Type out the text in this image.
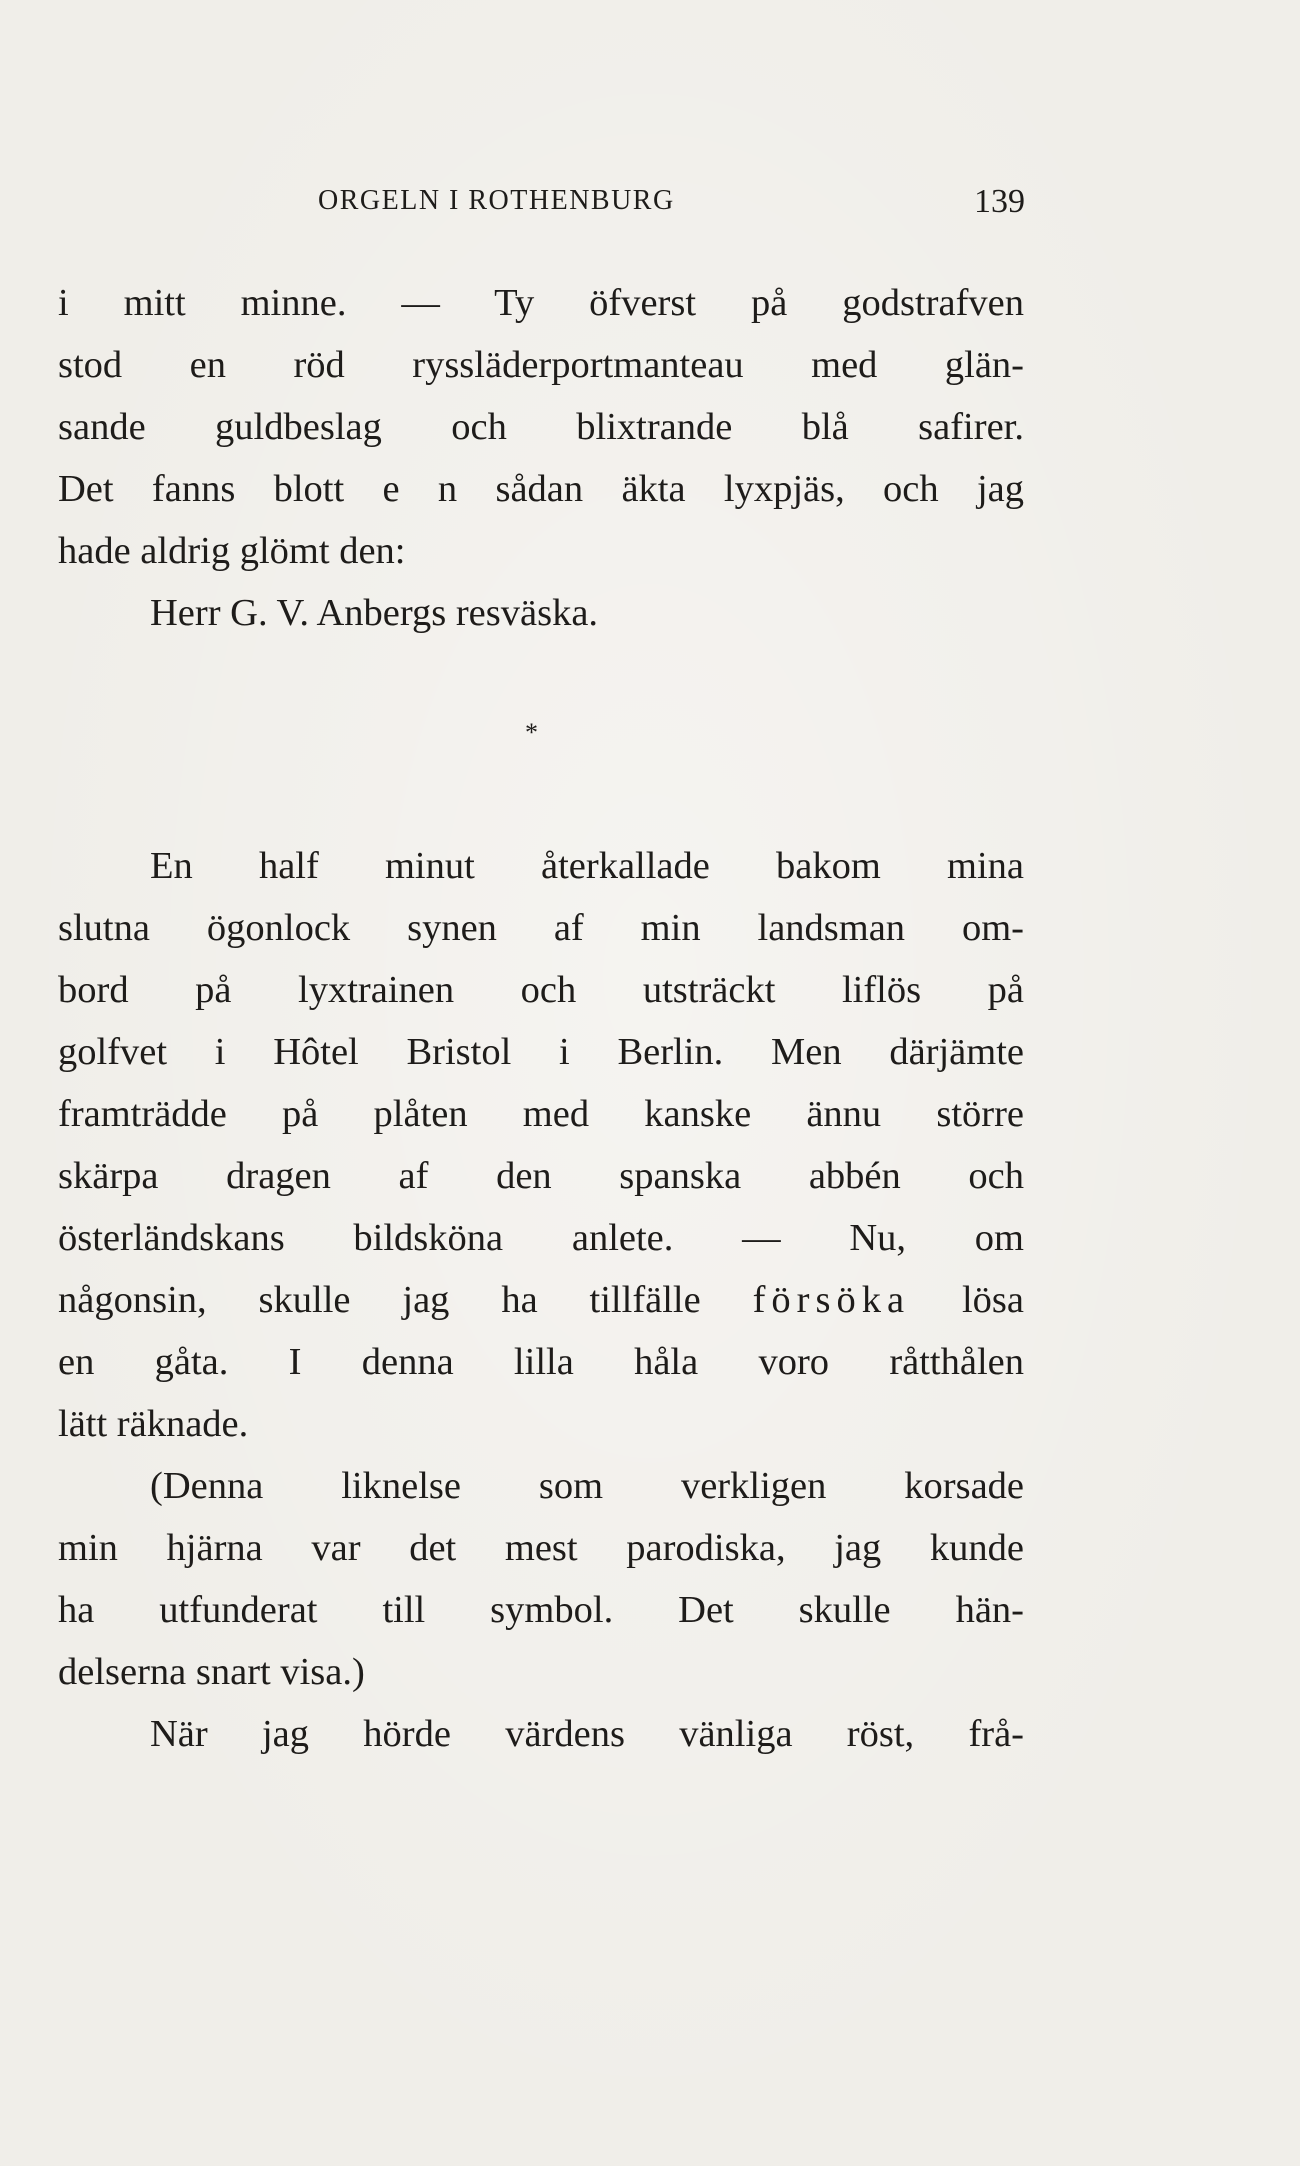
ORGELN I ROTHENBURG	139
i mitt minne. — Ty öfverst på godstrafven
stod en röd ryssläderportmanteau med glän-
sande guldbeslag och blixtrande blå safirer.
Det fanns blott e n sådan äkta lyxpjäs, och jag
hade aldrig glömt den:
Herr G. V. Anbergs resväska.
*
En half minut återkallade bakom mina
slutna ögonlock synen af min landsman om-
bord på lyxtrainen och utsträckt liflös på
golfvet i Hôtel Bristol i Berlin. Men därjämte
framträdde på plåten med kanske ännu större
skärpa dragen af den spanska abbén och
österländskans bildsköna anlete. — Nu, om
någonsin, skulle jag ha tillfälle försöka lösa
en gåta. I denna lilla håla voro råtthålen
lätt räknade.
(Denna liknelse som verkligen korsade
min hjärna var det mest parodiska, jag kunde
ha utfunderat till symbol. Det skulle hän-
delserna snart visa.)
När jag hörde värdens vänliga röst, frå-
